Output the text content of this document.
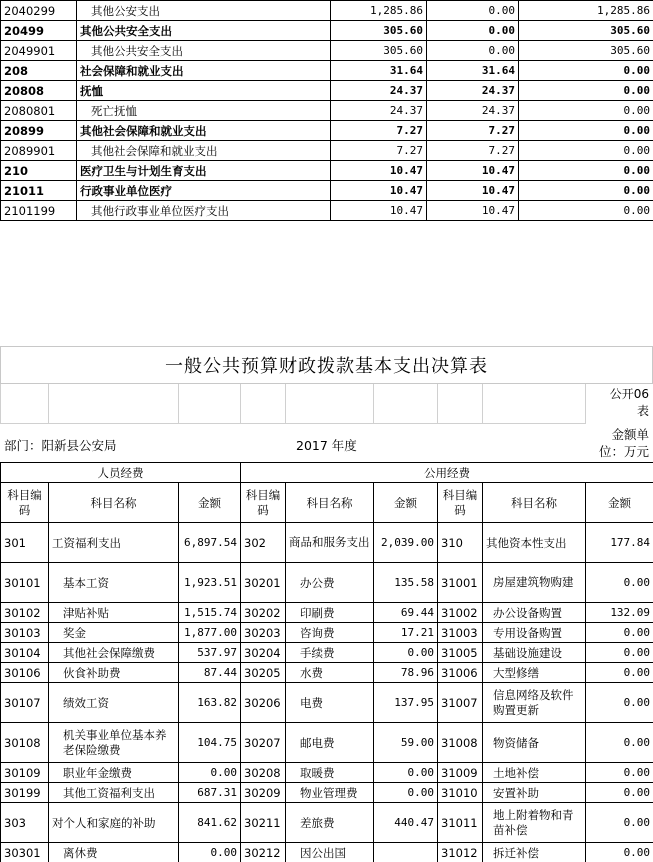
2040299	其他公安支出	1,285.86	0.00	1,285.86
20499	其他公共安全支出	305.60	0.00	305.60
2049901	其他公共安全支出	305.60	0.00	305.60
208	社会保障和就业支出	31.64	31.64	0.00
20808	抚恤	24.37	24.37	0.00
2080801	死亡抚恤	24.37	24.37	0.00
20899	其他社会保障和就业支出	7.27	7.27	0.00
2089901	其他社会保障和就业支出	7.27	7.27	0.00
210	医疗卫生与计划生育支出	10.47	10.47	0.00
21011	行政事业单位医疗	10.47	10.47	0.00
2101199	其他行政事业单位医疗支出	10.47	10.47	0.00
一般公共预算财政拨款基本支出决算表
公开06
表
部门：阳新县公安局	2017 年度
金额单
位：万元
人员经费			公用经费					
科目编码	科目名称	金额	科目编码	科目名称	金额	科目编码	科目名称	金额
301	工资福利支出	6,897.54	302	商品和服务支出	2,039.00	310	其他资本性支出	177.84
30101	基本工资	1,923.51	30201	办公费	135.58	31001	房屋建筑物购建	0.00
30102	津贴补贴	1,515.74	30202	印刷费	69.44	31002	办公设备购置	132.09
30103	奖金	1,877.00	30203	咨询费	17.21	31003	专用设备购置	0.00
30104	其他社会保障缴费	537.97	30204	手续费	0.00	31005	基础设施建设	0.00
30106	伙食补助费	87.44	30205	水费	78.96	31006	大型修缮	0.00
30107	绩效工资	163.82	30206	电费	137.95	31007	信息网络及软件购置更新	0.00
30108	机关事业单位基本养老保险缴费	104.75	30207	邮电费	59.00	31008	物资储备	0.00
30109	职业年金缴费	0.00	30208	取暖费	0.00	31009	土地补偿	0.00
30199	其他工资福利支出	687.31	30209	物业管理费	0.00	31010	安置补助	0.00
303	对个人和家庭的补助	841.62	30211	差旅费	440.47	31011	地上附着物和青苗补偿	0.00
30301	离休费	0.00	30212	因公出国		31012	拆迁补偿	0.00
